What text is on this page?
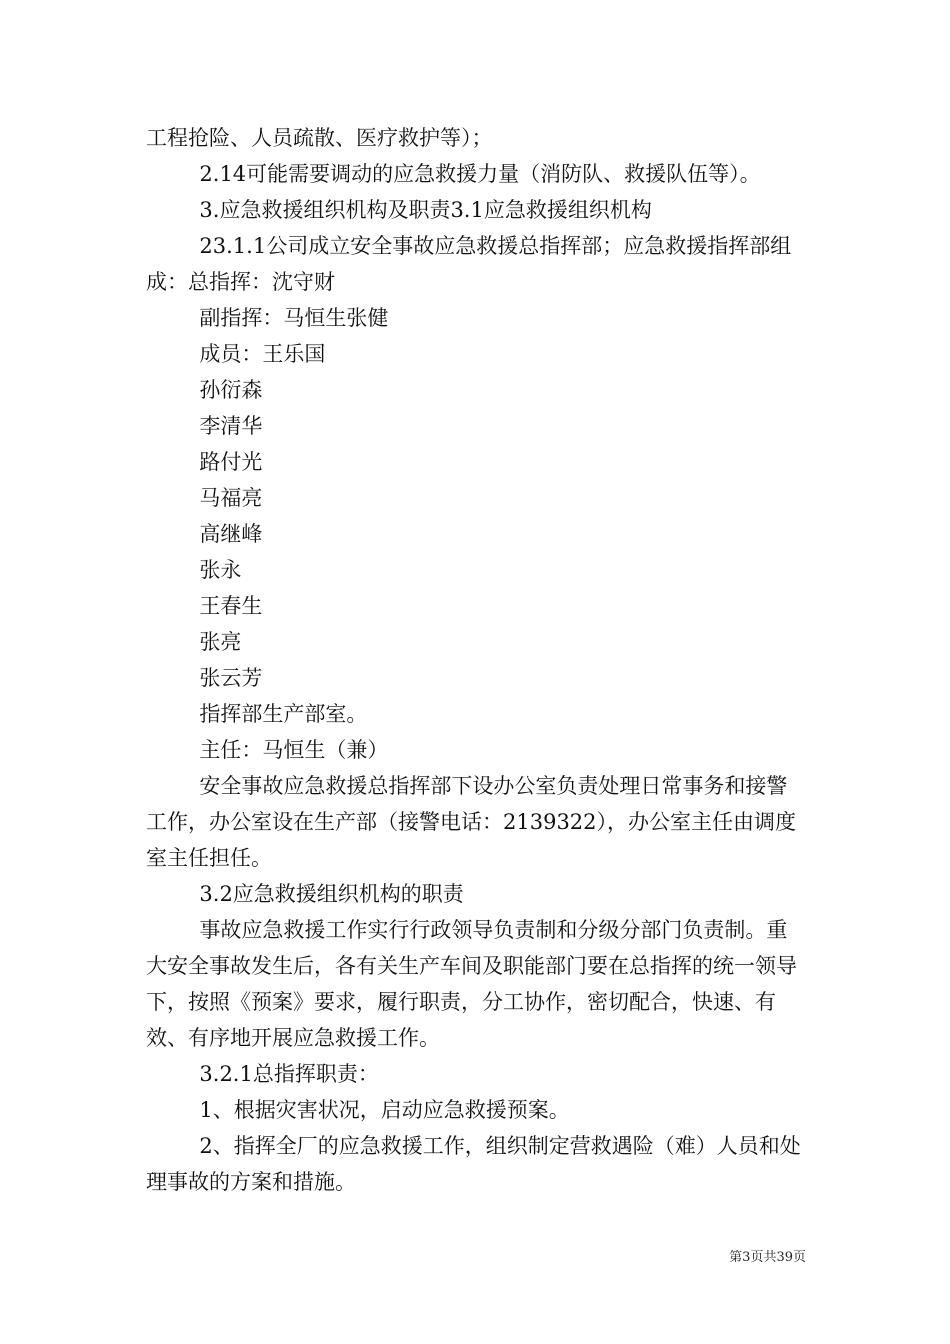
工程抢险、人员疏散、医疗救护等）；

2.14可能需要调动的应急救援力量（消防队、救援队伍等）。

3.应急救援组织机构及职责3.1应急救援组织机构

23.1.1公司成立安全事故应急救援总指挥部；应急救援指挥部组成：总指挥：沈守财

副指挥：马恒生张健

成员：王乐国

孙衍森

李清华

路付光

马福亮

高继峰

张永

王春生

张亮

张云芳

指挥部生产部室。

主任：马恒生（兼）

安全事故应急救援总指挥部下设办公室负责处理日常事务和接警工作，办公室设在生产部（接警电话：2139322），办公室主任由调度室主任担任。

3.2应急救援组织机构的职责

事故应急救援工作实行行政领导负责制和分级分部门负责制。重大安全事故发生后，各有关生产车间及职能部门要在总指挥的统一领导下，按照《预案》要求，履行职责，分工协作，密切配合，快速、有效、有序地开展应急救援工作。

3.2.1总指挥职责：

1、根据灾害状况，启动应急救援预案。

2、指挥全厂的应急救援工作，组织制定营救遇险（难）人员和处理事故的方案和措施。

第3页共39页
